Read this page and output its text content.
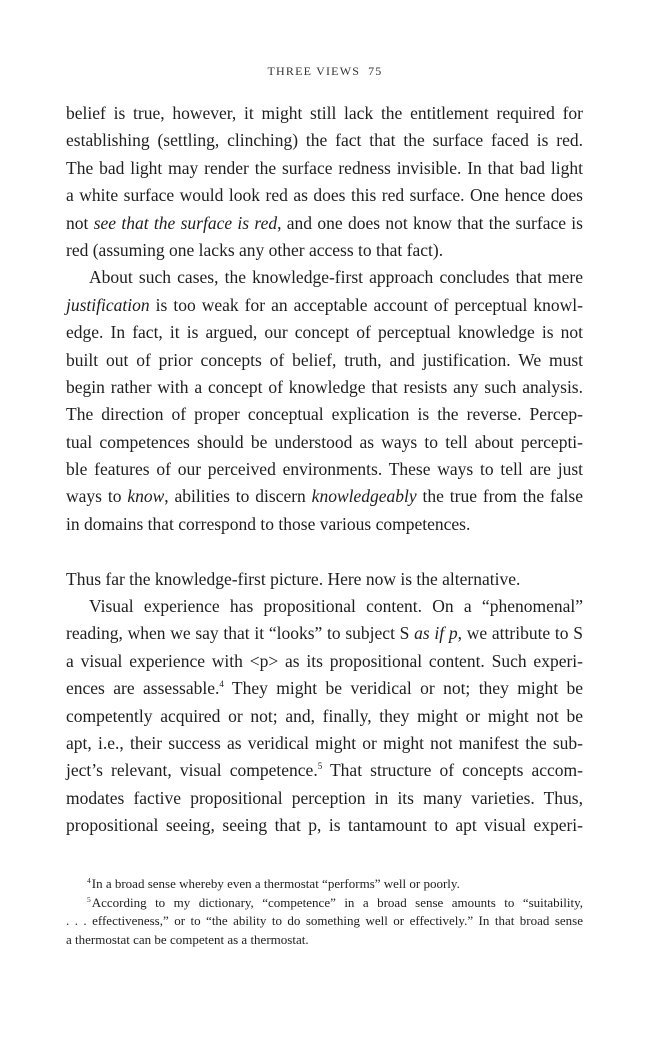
THREE VIEWS 75
belief is true, however, it might still lack the entitlement required for
establishing (settling, clinching) the fact that the surface faced is red.
The bad light may render the surface redness invisible. In that bad light
a white surface would look red as does this red surface. One hence does
not see that the surface is red, and one does not know that the surface is
red (assuming one lacks any other access to that fact).
About such cases, the knowledge-first approach concludes that mere
justification is too weak for an acceptable account of perceptual knowl-
edge. In fact, it is argued, our concept of perceptual knowledge is not
built out of prior concepts of belief, truth, and justification. We must
begin rather with a concept of knowledge that resists any such analysis.
The direction of proper conceptual explication is the reverse. Percep-
tual competences should be understood as ways to tell about percepti-
ble features of our perceived environments. These ways to tell are just
ways to know, abilities to discern knowledgeably the true from the false
in domains that correspond to those various competences.
Thus far the knowledge-first picture. Here now is the alternative.
Visual experience has propositional content. On a “phenomenal”
reading, when we say that it “looks” to subject S as if p, we attribute to S
a visual experience with <p> as its propositional content. Such experi-
ences are assessable.$^4$ They might be veridical or not; they might be
competently acquired or not; and, finally, they might or might not be
apt, i.e., their success as veridical might or might not manifest the sub-
ject’s relevant, visual competence.$^5$ That structure of concepts accom-
modates factive propositional perception in its many varieties. Thus,
propositional seeing, seeing that p, is tantamount to apt visual experi-
$^4$In a broad sense whereby even a thermostat “performs” well or poorly.
$^5$According to my dictionary, “competence” in a broad sense amounts to “suitability,
. . . effectiveness,” or to “the ability to do something well or effectively.” In that broad sense
a thermostat can be competent as a thermostat.
